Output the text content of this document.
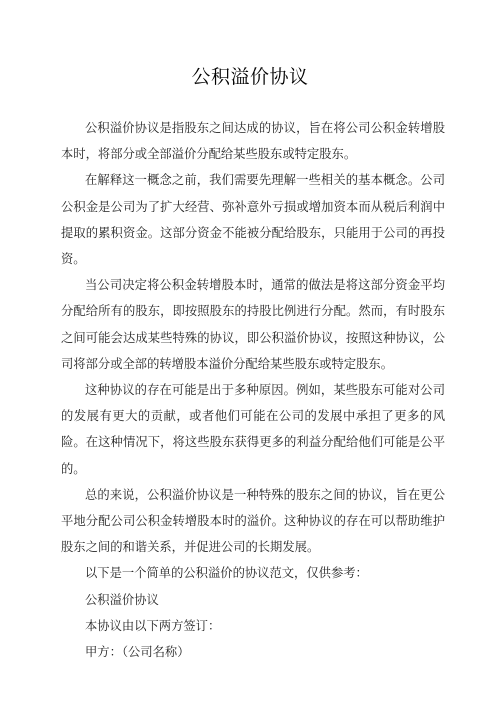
公积溢价协议

公积溢价协议是指股东之间达成的协议，旨在将公司公积金转增股本时，将部分或全部溢价分配给某些股东或特定股东。

在解释这一概念之前，我们需要先理解一些相关的基本概念。公司公积金是公司为了扩大经营、弥补意外亏损或增加资本而从税后利润中提取的累积资金。这部分资金不能被分配给股东，只能用于公司的再投资。

当公司决定将公积金转增股本时，通常的做法是将这部分资金平均分配给所有的股东，即按照股东的持股比例进行分配。然而，有时股东之间可能会达成某些特殊的协议，即公积溢价协议，按照这种协议，公司将部分或全部的转增股本溢价分配给某些股东或特定股东。

这种协议的存在可能是出于多种原因。例如，某些股东可能对公司的发展有更大的贡献，或者他们可能在公司的发展中承担了更多的风险。在这种情况下，将这些股东获得更多的利益分配给他们可能是公平的。

总的来说，公积溢价协议是一种特殊的股东之间的协议，旨在更公平地分配公司公积金转增股本时的溢价。这种协议的存在可以帮助维护股东之间的和谐关系，并促进公司的长期发展。

以下是一个简单的公积溢价的协议范文，仅供参考：

公积溢价协议

本协议由以下两方签订：

甲方：（公司名称）
